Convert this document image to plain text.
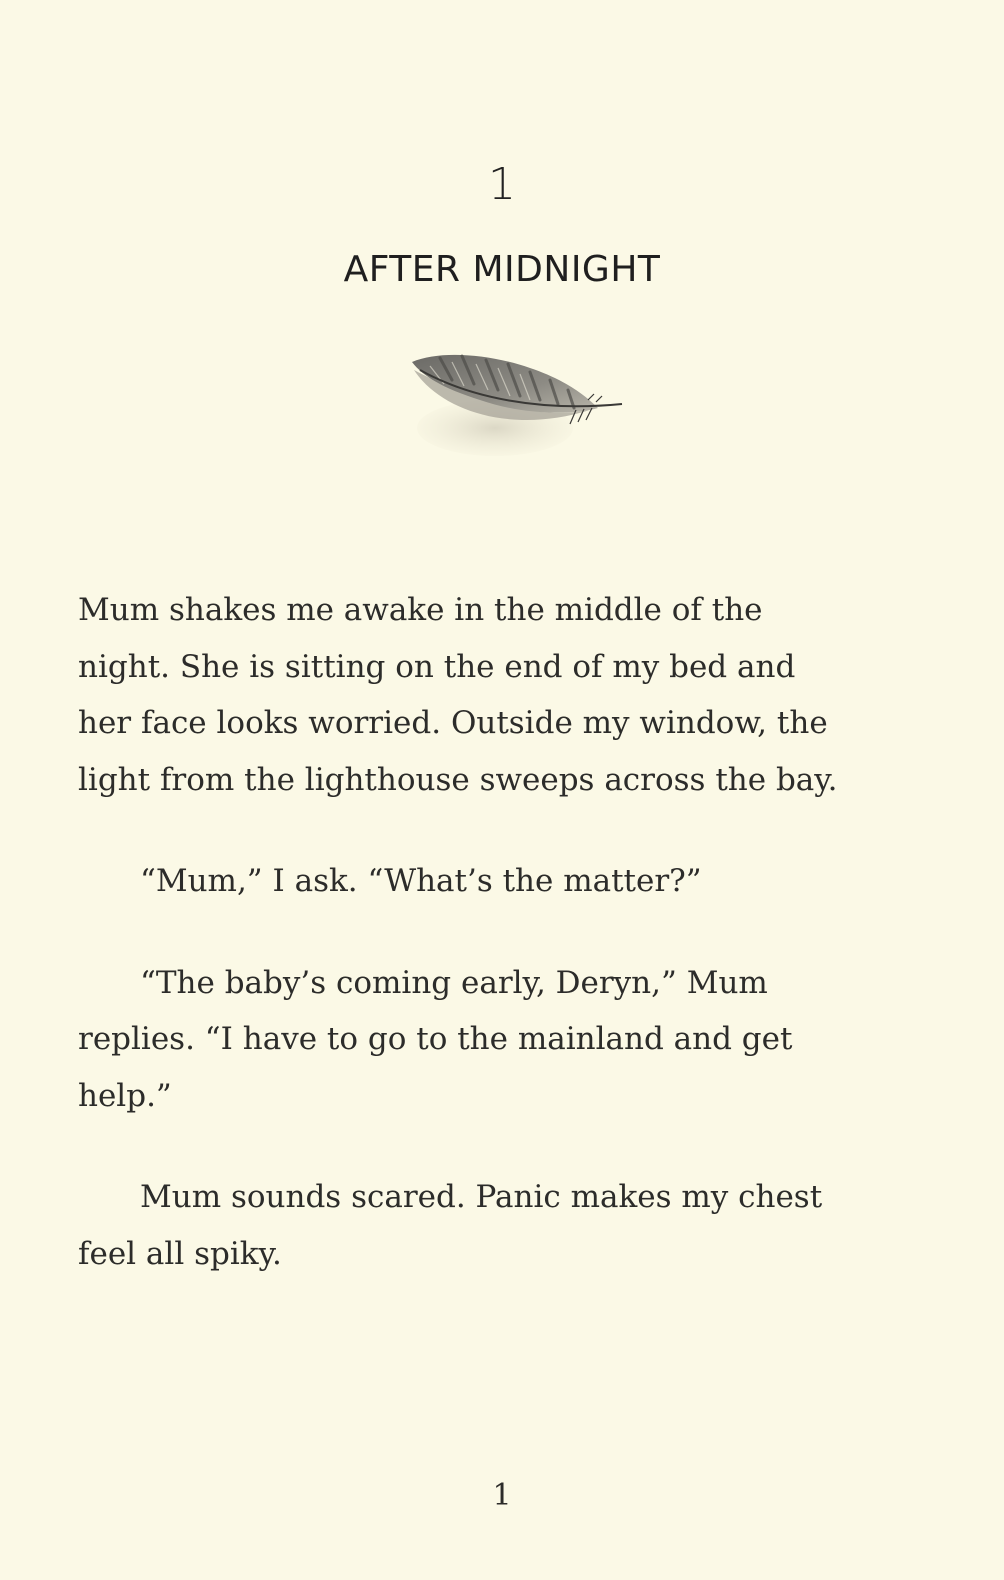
1
AFTER MIDNIGHT

Mum shakes me awake in the middle of the
night. She is sitting on the end of my bed and
her face looks worried. Outside my window, the
light from the lighthouse sweeps across the bay.

“Mum,” I ask. “What’s the matter?”

“The baby’s coming early, Deryn,” Mum
replies. “I have to go to the mainland and get
help.”

Mum sounds scared. Panic makes my chest
feel all spiky.

1
